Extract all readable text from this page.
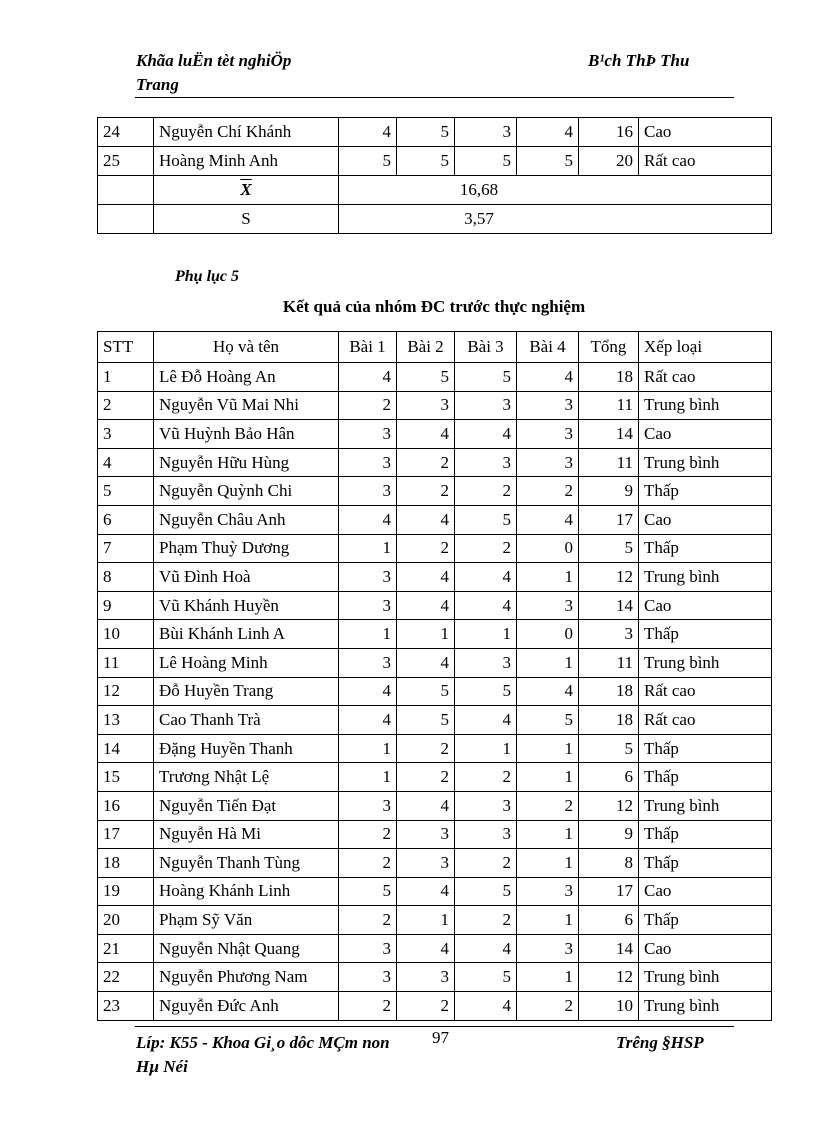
Khãa luËn tèt nghiÖp
Trang
B¹ch ThÞ Thu
24	Nguyễn Chí Khánh	4	5	3	4	16	Cao
25	Hoàng Minh Anh	5	5	5	5	20	Rất cao
	$\overline{X}$	16,68					

	S	3,57					
Phụ lục 5
Kết quả của nhóm ĐC trước thực nghiệm
STT	Họ và tên	Bài 1	Bài 2	Bài 3	Bài 4	Tổng	Xếp loại
1	Lê Đỗ Hoàng An	4	5	5	4	18	Rất cao
2	Nguyễn Vũ Mai Nhi	2	3	3	3	11	Trung bình
3	Vũ Huỳnh Bảo Hân	3	4	4	3	14	Cao
4	Nguyễn Hữu Hùng	3	2	3	3	11	Trung bình
5	Nguyễn Quỳnh Chi	3	2	2	2	9	Thấp
6	Nguyễn Châu Anh	4	4	5	4	17	Cao
7	Phạm Thuỳ Dương	1	2	2	0	5	Thấp
8	Vũ Đình Hoà	3	4	4	1	12	Trung bình
9	Vũ Khánh Huyền	3	4	4	3	14	Cao
10	Bùi Khánh Linh A	1	1	1	0	3	Thấp
11	Lê Hoàng Minh	3	4	3	1	11	Trung bình
12	Đỗ Huyền Trang	4	5	5	4	18	Rất cao
13	Cao Thanh Trà	4	5	4	5	18	Rất cao
14	Đặng Huyền Thanh	1	2	1	1	5	Thấp
15	Trương Nhật Lệ	1	2	2	1	6	Thấp
16	Nguyễn Tiến Đạt	3	4	3	2	12	Trung bình
17	Nguyễn Hà Mi	2	3	3	1	9	Thấp
18	Nguyễn Thanh Tùng	2	3	2	1	8	Thấp
19	Hoàng Khánh Linh	5	4	5	3	17	Cao
20	Phạm Sỹ Văn	2	1	2	1	6	Thấp
21	Nguyễn Nhật Quang	3	4	4	3	14	Cao
22	Nguyễn Phương Nam	3	3	5	1	12	Trung bình
23	Nguyễn Đức Anh	2	2	4	2	10	Trung bình
Líp: K55 - Khoa Gi¸o dôc MÇm non
Hµ Néi
97	Trêng §HSP
